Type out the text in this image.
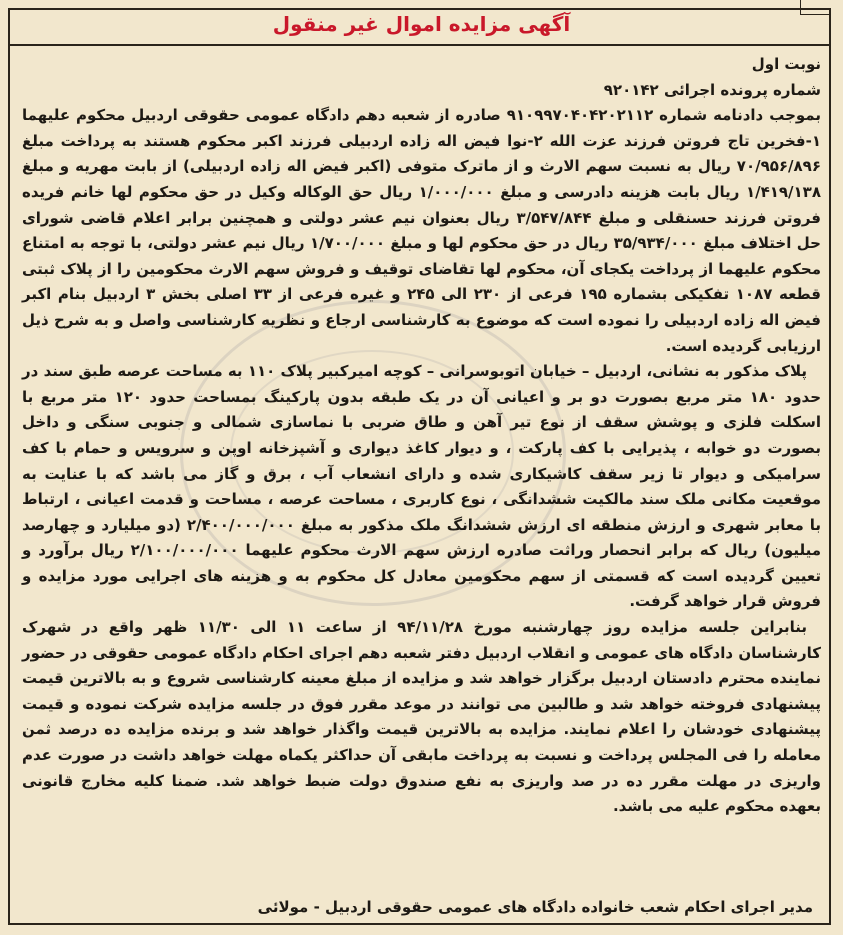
آگهی مزایده اموال غیر منقول

نوبت اول

شماره پرونده اجرائی ۹۲۰۱۴۲

بموجب دادنامه شماره ۹۱۰۹۹۷۰۴۰۴۲۰۲۱۱۲ صادره از شعبه دهم دادگاه عمومی حقوقی اردبیل محکوم علیهما ۱-فخرین تاج فروتن فرزند عزت الله ۲-نوا فیض اله زاده اردبیلی فرزند اکبر محکوم هستند به پرداخت مبلغ ۷۰/۹۵۶/۸۹۶ ریال به نسبت سهم الارث و از ماترک متوفی (اکبر فیض اله زاده اردبیلی) از بابت مهریه و مبلغ ۱/۴۱۹/۱۳۸ ریال بابت هزینه دادرسی و مبلغ ۱/۰۰۰/۰۰۰ ریال حق الوکاله وکیل در حق محکوم لها خانم فریده فروتن فرزند حسنقلی و مبلغ ۳/۵۴۷/۸۴۴ ریال بعنوان نیم عشر دولتی و همچنین برابر اعلام قاضی شورای حل اختلاف مبلغ ۳۵/۹۳۴/۰۰۰ ریال در حق محکوم لها و مبلغ ۱/۷۰۰/۰۰۰ ریال نیم عشر دولتی، با توجه به امتناع محکوم علیهما از پرداخت یکجای آن، محکوم لها تقاضای توقیف و فروش سهم الارث محکومین را از پلاک ثبتی قطعه ۱۰۸۷ تفکیکی بشماره ۱۹۵ فرعی از ۲۳۰ الی ۲۴۵ و غیره فرعی از ۳۳ اصلی بخش ۳ اردبیل بنام اکبر فیض اله زاده اردبیلی را نموده است که موضوع به کارشناسی ارجاع و نظریه کارشناسی واصل و به شرح ذیل ارزیابی گردیده است.

پلاک مذکور به نشانی، اردبیل – خیابان اتوبوسرانی – کوچه امیرکبیر پلاک ۱۱۰ به مساحت عرصه طبق سند در حدود ۱۸۰ متر مربع بصورت دو بر و اعیانی آن در یک طبقه بدون پارکینگ بمساحت حدود ۱۲۰ متر مربع با اسکلت فلزی و پوشش سقف از نوع تیر آهن و طاق ضربی با نماسازی شمالی و جنوبی سنگی و داخل بصورت دو خوابه ، پذیرایی با کف پارکت ، و دیوار کاغذ دیواری و آشپزخانه اوپن و سرویس و حمام با کف سرامیکی و دیوار تا زیر سقف کاشیکاری شده و دارای انشعاب آب ، برق و گاز می باشد که با عنایت به موقعیت مکانی ملک سند مالکیت ششدانگی ، نوع کاربری ، مساحت عرصه ، مساحت و قدمت اعیانی ، ارتباط با معابر شهری و ارزش منطقه ای ارزش ششدانگ ملک مذکور به مبلغ ۲/۴۰۰/۰۰۰/۰۰۰ (دو میلیارد و چهارصد میلیون) ریال که برابر انحصار وراثت صادره ارزش سهم الارث محکوم علیهما ۲/۱۰۰/۰۰۰/۰۰۰ ریال برآورد و تعیین گردیده است که قسمتی از سهم محکومین معادل کل محکوم به و هزینه های اجرایی مورد مزایده و فروش قرار خواهد گرفت.

بنابراین جلسه مزایده روز چهارشنبه مورخ ۹۴/۱۱/۲۸ از ساعت ۱۱ الی ۱۱/۳۰ ظهر واقع در شهرک کارشناسان دادگاه های عمومی و انقلاب اردبیل دفتر شعبه دهم اجرای احکام دادگاه عمومی حقوقی در حضور نماینده محترم دادستان اردبیل برگزار خواهد شد و مزایده از مبلغ معینه کارشناسی شروع و به بالاترین قیمت پیشنهادی فروخته خواهد شد و طالبین می توانند در موعد مقرر فوق در جلسه مزایده شرکت نموده و قیمت پیشنهادی خودشان را اعلام نمایند. مزایده به بالاترین قیمت واگذار خواهد شد و برنده مزایده ده درصد ثمن معامله را فی المجلس پرداخت و نسبت به پرداخت مابقی آن حداکثر یکماه مهلت خواهد داشت در صورت عدم واریزی در مهلت مقرر ده در صد واریزی به نفع صندوق دولت ضبط خواهد شد. ضمنا کلیه مخارج قانونی بعهده محکوم علیه می باشد.

مدیر اجرای احکام شعب خانواده دادگاه های عمومی حقوقی اردبیل - مولائی
